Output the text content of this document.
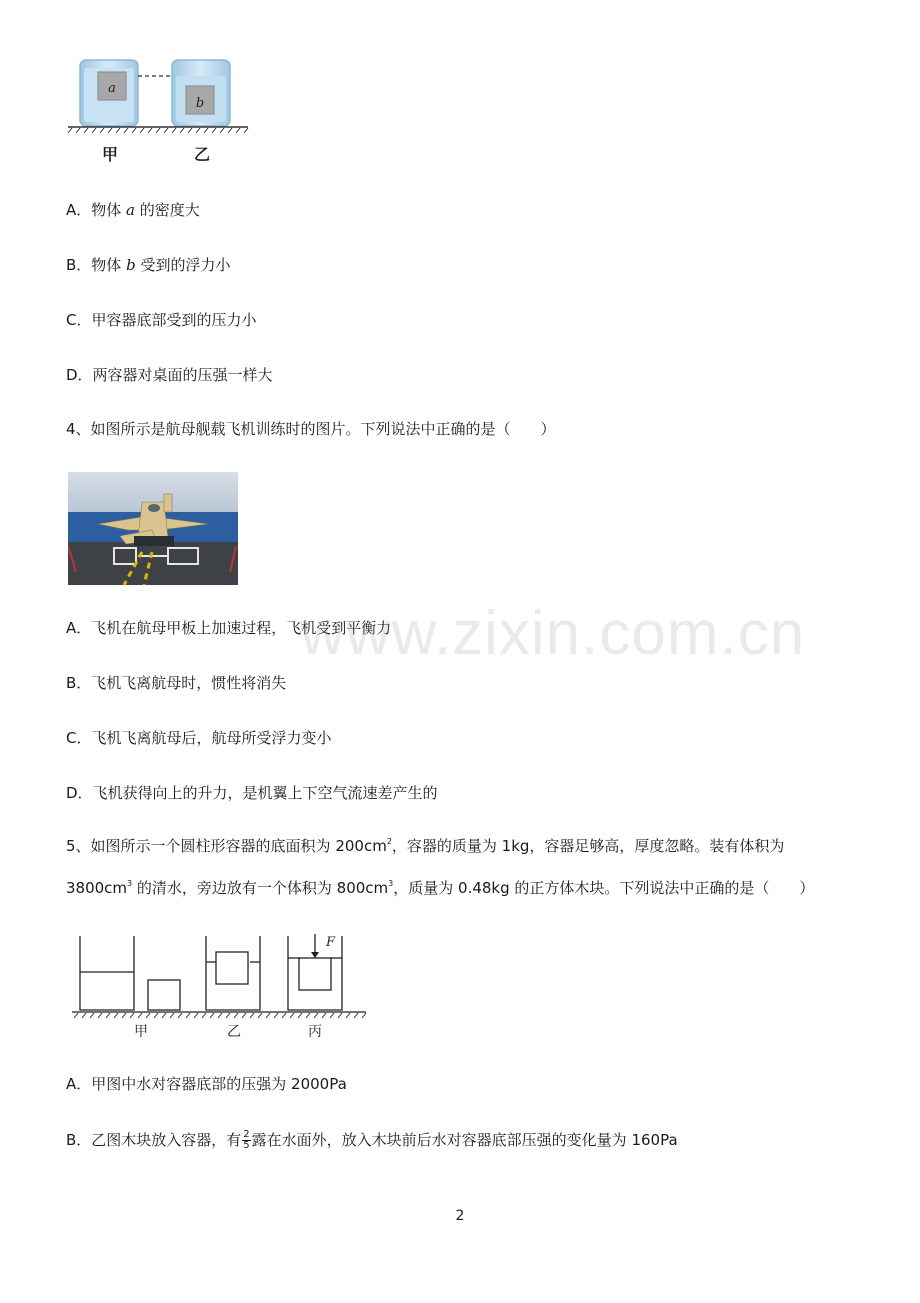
a
b
甲	乙
A．物体 a 的密度大
B．物体 b 受到的浮力小
C．甲容器底部受到的压力小
D．两容器对桌面的压强一样大
4、如图所示是航母舰载飞机训练时的图片。下列说法中正确的是（　　）
A．飞机在航母甲板上加速过程，飞机受到平衡力
B．飞机飞离航母时，惯性将消失
C．飞机飞离航母后，航母所受浮力变小
D．飞机获得向上的升力，是机翼上下空气流速差产生的
5、如图所示一个圆柱形容器的底面积为 $200cm^2$，容器的质量为 1kg，容器足够高，厚度忽略。装有体积为
$3800cm^3$ 的清水，旁边放有一个体积为 $800cm^3$，质量为 0.48kg 的正方体木块。下列说法中正确的是（　　）
F
甲	乙	丙
A．甲图中水对容器底部的压强为 2000Pa
B．乙图木块放入容器，有 $\frac{2}{5}$ 露在水面外，放入木块前后水对容器底部压强的变化量为 160Pa
www.zixin.com.cn
2
